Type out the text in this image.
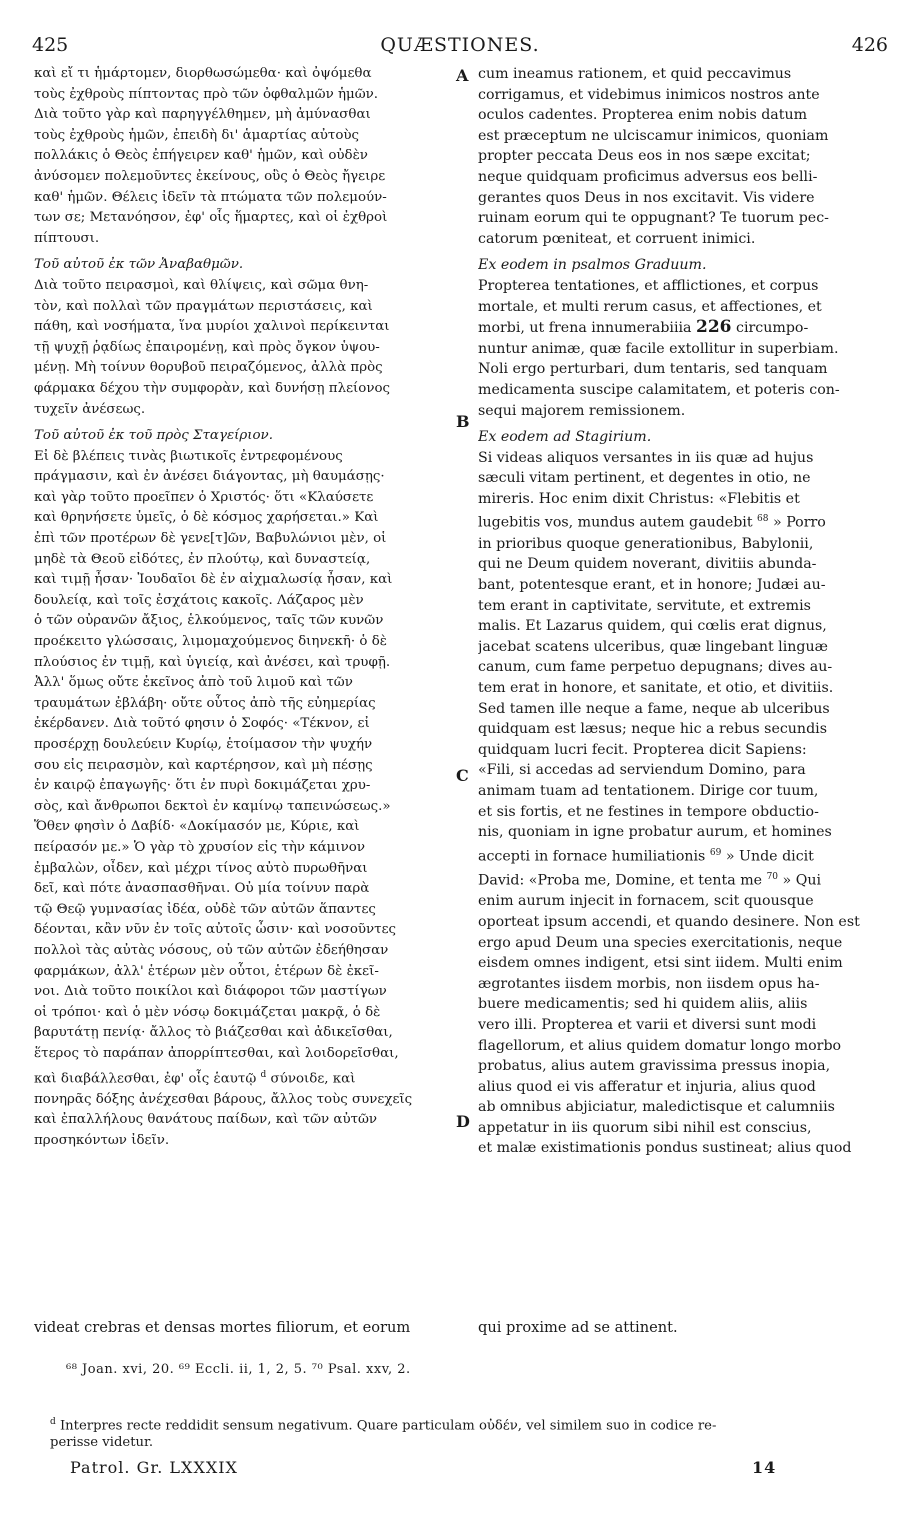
425	QUÆSTIONES.	426
A
B
C
D
καὶ εἴ τι ἡμάρτομεν, διορθωσώμεθα· καὶ ὀψόμεθα
τοὺς ἐχθροὺς πίπτοντας πρὸ τῶν ὀφθαλμῶν ἡμῶν.
Διὰ τοῦτο γὰρ καὶ παρηγγέλθημεν, μὴ ἀμύνασθαι
τοὺς ἐχθροὺς ἡμῶν, ἐπειδὴ δι' ἁμαρτίας αὐτοὺς
πολλάκις ὁ Θεὸς ἐπήγειρεν καθ' ἡμῶν, καὶ οὐδὲν
ἀνύσομεν πολεμοῦντες ἐκείνους, οὓς ὁ Θεὸς ἤγειρε
καθ' ἡμῶν. Θέλεις ἰδεῖν τὰ πτώματα τῶν πολεμούν-
των σε; Μετανόησον, ἐφ' οἷς ἥμαρτες, καὶ οἱ ἐχθροὶ
πίπτουσι.
Τοῦ αὐτοῦ ἐκ τῶν Ἀναβαθμῶν.
Διὰ τοῦτο πειρασμοὶ, καὶ θλίψεις, καὶ σῶμα θνη-
τὸν, καὶ πολλαὶ τῶν πραγμάτων περιστάσεις, καὶ
πάθη, καὶ νοσήματα, ἵνα μυρίοι χαλινοὶ περίκεινται
τῇ ψυχῇ ῥᾳδίως ἐπαιρομένῃ, καὶ πρὸς ὄγκον ὑψου-
μένῃ. Μὴ τοίνυν θορυβοῦ πειραζόμενος, ἀλλὰ πρὸς
φάρμακα δέχου τὴν συμφορὰν, καὶ δυνήσῃ πλείονος
τυχεῖν ἀνέσεως.
Τοῦ αὐτοῦ ἐκ τοῦ πρὸς Σταγείριον.
Εἰ δὲ βλέπεις τινὰς βιωτικοῖς ἐντρεφομένους
πράγμασιν, καὶ ἐν ἀνέσει διάγοντας, μὴ θαυμάσῃς·
καὶ γὰρ τοῦτο προεῖπεν ὁ Χριστός· ὅτι «Κλαύσετε
καὶ θρηνήσετε ὑμεῖς, ὁ δὲ κόσμος χαρήσεται.» Καὶ
ἐπὶ τῶν προτέρων δὲ γενε[τ]ῶν, Βαβυλώνιοι μὲν, οἱ
μηδὲ τὰ Θεοῦ εἰδότες, ἐν πλούτῳ, καὶ δυναστείᾳ,
καὶ τιμῇ ἦσαν· Ἰουδαῖοι δὲ ἐν αἰχμαλωσίᾳ ἦσαν, καὶ
δουλείᾳ, καὶ τοῖς ἐσχάτοις κακοῖς. Λάζαρος μὲν
ὁ τῶν οὐρανῶν ἄξιος, ἑλκούμενος, ταῖς τῶν κυνῶν
προέκειτο γλώσσαις, λιμομαχούμενος διηνεκῆ· ὁ δὲ
πλούσιος ἐν τιμῇ, καὶ ὑγιείᾳ, καὶ ἀνέσει, καὶ τρυφῇ.
Ἀλλ' ὅμως οὔτε ἐκεῖνος ἀπὸ τοῦ λιμοῦ καὶ τῶν
τραυμάτων ἐβλάβη· οὔτε οὗτος ἀπὸ τῆς εὐημερίας
ἐκέρδανεν. Διὰ τοῦτό φησιν ὁ Σοφός· «Τέκνον, εἰ
προσέρχῃ δουλεύειν Κυρίῳ, ἑτοίμασον τὴν ψυχήν
σου εἰς πειρασμὸν, καὶ καρτέρησον, καὶ μὴ πέσῃς
ἐν καιρῷ ἐπαγωγῆς· ὅτι ἐν πυρὶ δοκιμάζεται χρυ-
σὸς, καὶ ἄνθρωποι δεκτοὶ ἐν καμίνῳ ταπεινώσεως.»
Ὅθεν φησὶν ὁ Δαβίδ· «Δοκίμασόν με, Κύριε, καὶ
πείρασόν με.» Ὁ γὰρ τὸ χρυσίον εἰς τὴν κάμινον
ἐμβαλὼν, οἶδεν, καὶ μέχρι τίνος αὐτὸ πυρωθῆναι
δεῖ, καὶ πότε ἀνασπασθῆναι. Οὐ μία τοίνυν παρὰ
τῷ Θεῷ γυμνασίας ἰδέα, οὐδὲ τῶν αὐτῶν ἅπαντες
δέονται, κἂν νῦν ἐν τοῖς αὐτοῖς ὦσιν· καὶ νοσοῦντες
πολλοὶ τὰς αὐτὰς νόσους, οὐ τῶν αὐτῶν ἐδεήθησαν
φαρμάκων, ἀλλ' ἑτέρων μὲν οὗτοι, ἑτέρων δὲ ἐκεῖ-
νοι. Διὰ τοῦτο ποικίλοι καὶ διάφοροι τῶν μαστίγων
οἱ τρόποι· καὶ ὁ μὲν νόσῳ δοκιμάζεται μακρᾷ, ὁ δὲ
βαρυτάτῃ πενίᾳ· ἄλλος τὸ βιάζεσθαι καὶ ἀδικεῖσθαι,
ἕτερος τὸ παράπαν ἀπορρίπτεσθαι, καὶ λοιδορεῖσθαι,
καὶ διαβάλλεσθαι, ἐφ' οἷς ἑαυτῷ $^d$ σύνοιδε, καὶ
πονηρᾶς δόξης ἀνέχεσθαι βάρους, ἄλλος τοὺς συνεχεῖς
καὶ ἐπαλλήλους θανάτους παίδων, καὶ τῶν αὐτῶν
προσηκόντων ἰδεῖν.
cum ineamus rationem, et quid peccavimus
corrigamus, et videbimus inimicos nostros ante
oculos cadentes. Propterea enim nobis datum
est præceptum ne ulciscamur inimicos, quoniam
propter peccata Deus eos in nos sæpe excitat;
neque quidquam proficimus adversus eos belli-
gerantes quos Deus in nos excitavit. Vis videre
ruinam eorum qui te oppugnant? Te tuorum pec-
catorum pœniteat, et corruent inimici.
Ex eodem in psalmos Graduum.
Propterea tentationes, et afflictiones, et corpus
mortale, et multi rerum casus, et affectiones, et
morbi, ut frena innumerabiiia 226 circumpo-
nuntur animæ, quæ facile extollitur in superbiam.
Noli ergo perturbari, dum tentaris, sed tanquam
medicamenta suscipe calamitatem, et poteris con-
sequi majorem remissionem.
Ex eodem ad Stagirium.
Si videas aliquos versantes in iis quæ ad hujus
sæculi vitam pertinent, et degentes in otio, ne
mireris. Hoc enim dixit Christus: «Flebitis et
lugebitis vos, mundus autem gaudebit $^{68}$ » Porro
in prioribus quoque generationibus, Babylonii,
qui ne Deum quidem noverant, divitiis abunda-
bant, potentesque erant, et in honore; Judæi au-
tem erant in captivitate, servitute, et extremis
malis. Et Lazarus quidem, qui cœlis erat dignus,
jacebat scatens ulceribus, quæ lingebant linguæ
canum, cum fame perpetuo depugnans; dives au-
tem erat in honore, et sanitate, et otio, et divitiis.
Sed tamen ille neque a fame, neque ab ulceribus
quidquam est læsus; neque hic a rebus secundis
quidquam lucri fecit. Propterea dicit Sapiens:
«Fili, si accedas ad serviendum Domino, para
animam tuam ad tentationem. Dirige cor tuum,
et sis fortis, et ne festines in tempore obductio-
nis, quoniam in igne probatur aurum, et homines
accepti in fornace humiliationis $^{69}$ » Unde dicit
David: «Proba me, Domine, et tenta me $^{70}$ » Qui
enim aurum injecit in fornacem, scit quousque
oporteat ipsum accendi, et quando desinere. Non est
ergo apud Deum una species exercitationis, neque
eisdem omnes indigent, etsi sint iidem. Multi enim
ægrotantes iisdem morbis, non iisdem opus ha-
buere medicamentis; sed hi quidem aliis, aliis
vero illi. Propterea et varii et diversi sunt modi
flagellorum, et alius quidem domatur longo morbo
probatus, alius autem gravissima pressus inopia,
alius quod ei vis afferatur et injuria, alius quod
ab omnibus abjiciatur, maledictisque et calumniis
appetatur in iis quorum sibi nihil est conscius,
et malæ existimationis pondus sustineat; alius quod
videat crebras et densas mortes filiorum, et eorum	qui proxime ad se attinent.
⁶⁸ Joan. xvi, 20. ⁶⁹ Eccli. ii, 1, 2, 5. ⁷⁰ Psal. xxv, 2.
$^d$ Interpres recte reddidit sensum negativum. Quare particulam οὐδέν, vel similem suo in codice re-
perisse videtur.
Patrol. Gr. LXXXIX	14
